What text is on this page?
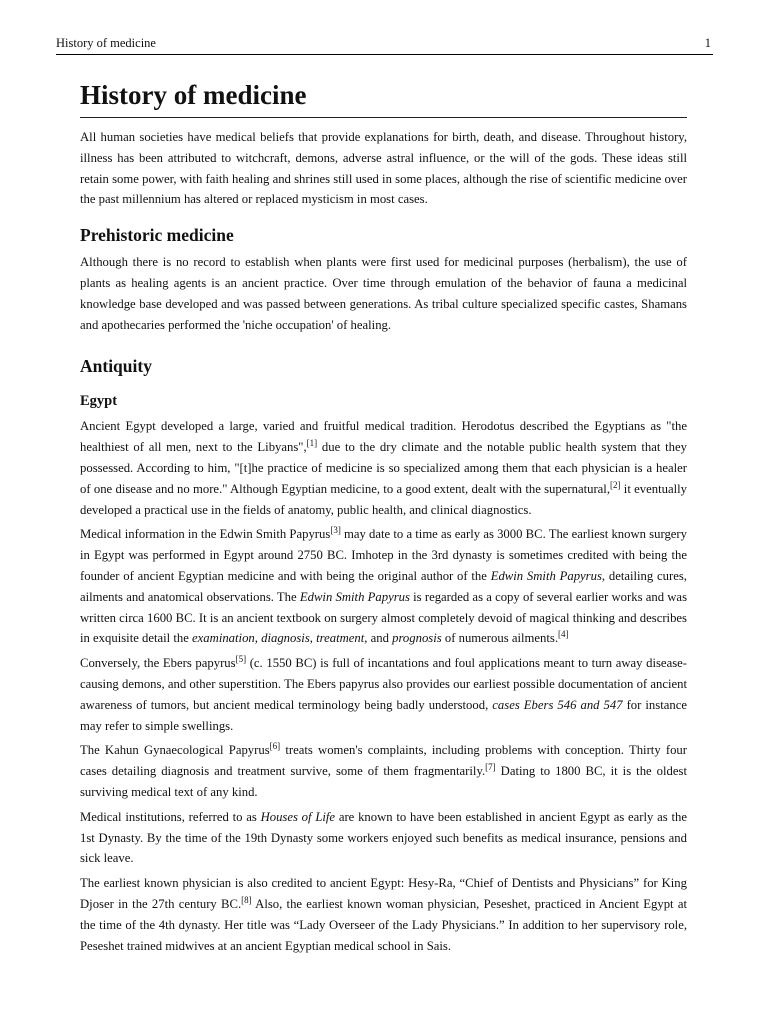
History of medicine	1
History of medicine

All human societies have medical beliefs that provide explanations for birth, death, and disease. Throughout history, illness has been attributed to witchcraft, demons, adverse astral influence, or the will of the gods. These ideas still retain some power, with faith healing and shrines still used in some places, although the rise of scientific medicine over the past millennium has altered or replaced mysticism in most cases.

Prehistoric medicine

Although there is no record to establish when plants were first used for medicinal purposes (herbalism), the use of plants as healing agents is an ancient practice. Over time through emulation of the behavior of fauna a medicinal knowledge base developed and was passed between generations. As tribal culture specialized specific castes, Shamans and apothecaries performed the 'niche occupation' of healing.

Antiquity
Egypt

Ancient Egypt developed a large, varied and fruitful medical tradition. Herodotus described the Egyptians as "the healthiest of all men, next to the Libyans",[1] due to the dry climate and the notable public health system that they possessed. According to him, "[t]he practice of medicine is so specialized among them that each physician is a healer of one disease and no more." Although Egyptian medicine, to a good extent, dealt with the supernatural,[2] it eventually developed a practical use in the fields of anatomy, public health, and clinical diagnostics.

Medical information in the Edwin Smith Papyrus[3] may date to a time as early as 3000 BC. The earliest known surgery in Egypt was performed in Egypt around 2750 BC. Imhotep in the 3rd dynasty is sometimes credited with being the founder of ancient Egyptian medicine and with being the original author of the Edwin Smith Papyrus, detailing cures, ailments and anatomical observations. The Edwin Smith Papyrus is regarded as a copy of several earlier works and was written circa 1600 BC. It is an ancient textbook on surgery almost completely devoid of magical thinking and describes in exquisite detail the examination, diagnosis, treatment, and prognosis of numerous ailments.[4]

Conversely, the Ebers papyrus[5] (c. 1550 BC) is full of incantations and foul applications meant to turn away disease-causing demons, and other superstition. The Ebers papyrus also provides our earliest possible documentation of ancient awareness of tumors, but ancient medical terminology being badly understood, cases Ebers 546 and 547 for instance may refer to simple swellings.

The Kahun Gynaecological Papyrus[6] treats women's complaints, including problems with conception. Thirty four cases detailing diagnosis and treatment survive, some of them fragmentarily.[7] Dating to 1800 BC, it is the oldest surviving medical text of any kind.

Medical institutions, referred to as Houses of Life are known to have been established in ancient Egypt as early as the 1st Dynasty. By the time of the 19th Dynasty some workers enjoyed such benefits as medical insurance, pensions and sick leave.

The earliest known physician is also credited to ancient Egypt: Hesy-Ra, “Chief of Dentists and Physicians” for King Djoser in the 27th century BC.[8] Also, the earliest known woman physician, Peseshet, practiced in Ancient Egypt at the time of the 4th dynasty. Her title was “Lady Overseer of the Lady Physicians.” In addition to her supervisory role, Peseshet trained midwives at an ancient Egyptian medical school in Sais.
